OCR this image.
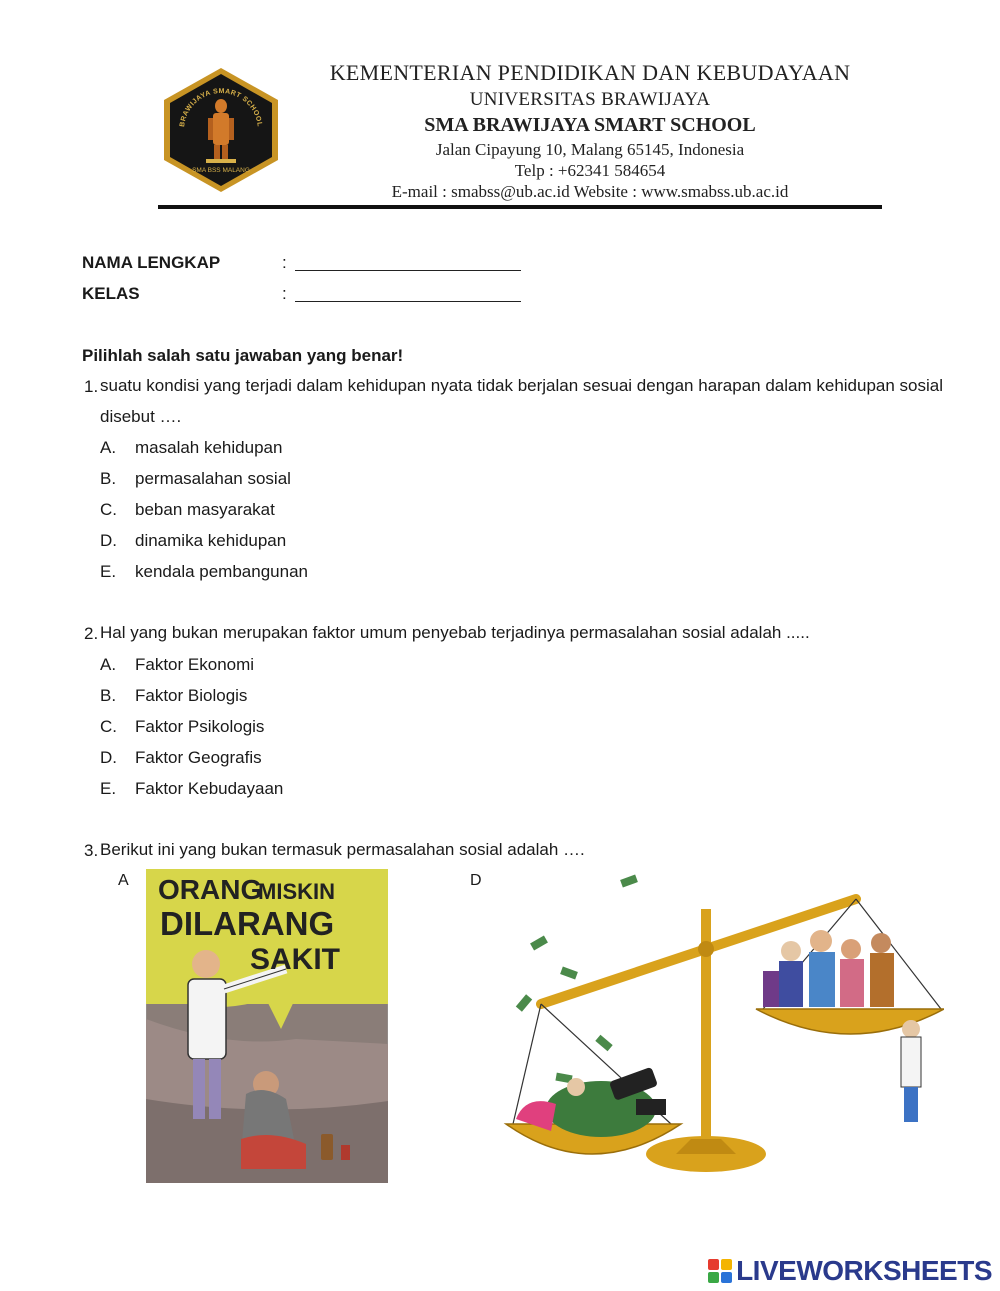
BRAWIJAYA SMART SCHOOL
SMA BSS MALANG
KEMENTERIAN PENDIDIKAN DAN KEBUDAYAAN
UNIVERSITAS BRAWIJAYA
SMA BRAWIJAYA SMART SCHOOL
Jalan Cipayung 10, Malang 65145, Indonesia
Telp : +62341 584654
E-mail : smabss@ub.ac.id Website : www.smabss.ub.ac.id
NAMA LENGKAP	:
KELAS	:
Pilihlah salah satu jawaban yang benar!
1. suatu kondisi yang terjadi dalam kehidupan nyata tidak berjalan sesuai dengan harapan dalam kehidupan sosial disebut ….
A. masalah kehidupan
B. permasalahan sosial
C. beban masyarakat
D. dinamika kehidupan
E. kendala pembangunan
2. Hal yang bukan merupakan faktor umum penyebab terjadinya permasalahan sosial adalah .....
A. Faktor Ekonomi
B. Faktor Biologis
C. Faktor Psikologis
D. Faktor Geografis
E. Faktor Kebudayaan
3. Berikut ini yang bukan termasuk permasalahan sosial adalah ….
A	D
ORANG
MISKIN
DILARANG
SAKIT
LIVEWORKSHEETS
